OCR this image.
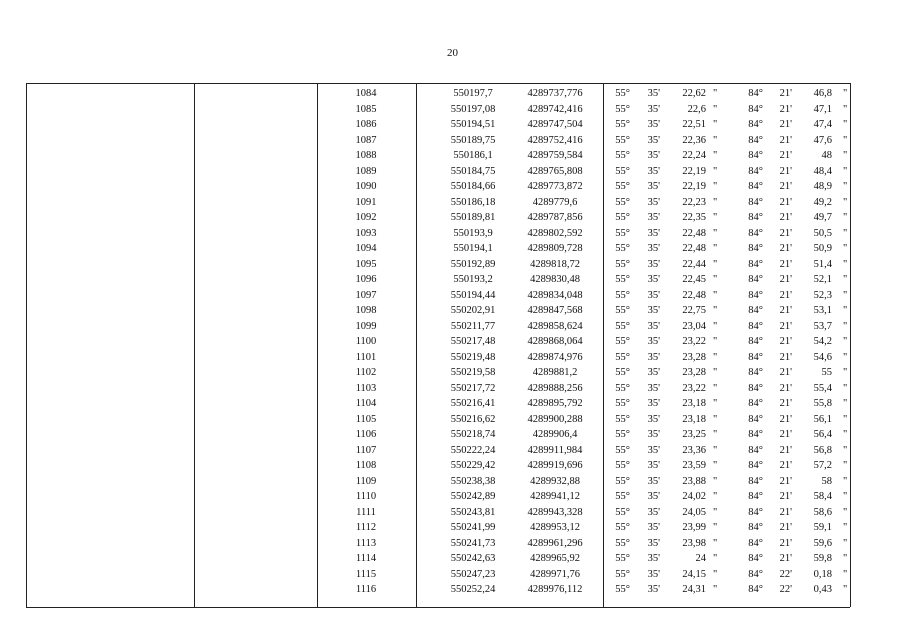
20
1084	550197,7	4289737,776	55°	35'	22,62 "	84°	21'	46,8 "
1085	550197,08	4289742,416	55°	35'	22,6 "	84°	21'	47,1 "
1086	550194,51	4289747,504	55°	35'	22,51 "	84°	21'	47,4 "
1087	550189,75	4289752,416	55°	35'	22,36 "	84°	21'	47,6 "
1088	550186,1	4289759,584	55°	35'	22,24 "	84°	21'	48 "
1089	550184,75	4289765,808	55°	35'	22,19 "	84°	21'	48,4 "
1090	550184,66	4289773,872	55°	35'	22,19 "	84°	21'	48,9 "
1091	550186,18	4289779,6	55°	35'	22,23 "	84°	21'	49,2 "
1092	550189,81	4289787,856	55°	35'	22,35 "	84°	21'	49,7 "
1093	550193,9	4289802,592	55°	35'	22,48 "	84°	21'	50,5 "
1094	550194,1	4289809,728	55°	35'	22,48 "	84°	21'	50,9 "
1095	550192,89	4289818,72	55°	35'	22,44 "	84°	21'	51,4 "
1096	550193,2	4289830,48	55°	35'	22,45 "	84°	21'	52,1 "
1097	550194,44	4289834,048	55°	35'	22,48 "	84°	21'	52,3 "
1098	550202,91	4289847,568	55°	35'	22,75 "	84°	21'	53,1 "
1099	550211,77	4289858,624	55°	35'	23,04 "	84°	21'	53,7 "
1100	550217,48	4289868,064	55°	35'	23,22 "	84°	21'	54,2 "
1101	550219,48	4289874,976	55°	35'	23,28 "	84°	21'	54,6 "
1102	550219,58	4289881,2	55°	35'	23,28 "	84°	21'	55 "
1103	550217,72	4289888,256	55°	35'	23,22 "	84°	21'	55,4 "
1104	550216,41	4289895,792	55°	35'	23,18 "	84°	21'	55,8 "
1105	550216,62	4289900,288	55°	35'	23,18 "	84°	21'	56,1 "
1106	550218,74	4289906,4	55°	35'	23,25 "	84°	21'	56,4 "
1107	550222,24	4289911,984	55°	35'	23,36 "	84°	21'	56,8 "
1108	550229,42	4289919,696	55°	35'	23,59 "	84°	21'	57,2 "
1109	550238,38	4289932,88	55°	35'	23,88 "	84°	21'	58 "
1110	550242,89	4289941,12	55°	35'	24,02 "	84°	21'	58,4 "
1111	550243,81	4289943,328	55°	35'	24,05 "	84°	21'	58,6 "
1112	550241,99	4289953,12	55°	35'	23,99 "	84°	21'	59,1 "
1113	550241,73	4289961,296	55°	35'	23,98 "	84°	21'	59,6 "
1114	550242,63	4289965,92	55°	35'	24 "	84°	21'	59,8 "
1115	550247,23	4289971,76	55°	35'	24,15 "	84°	22'	0,18 "
1116	550252,24	4289976,112	55°	35'	24,31 "	84°	22'	0,43 "
